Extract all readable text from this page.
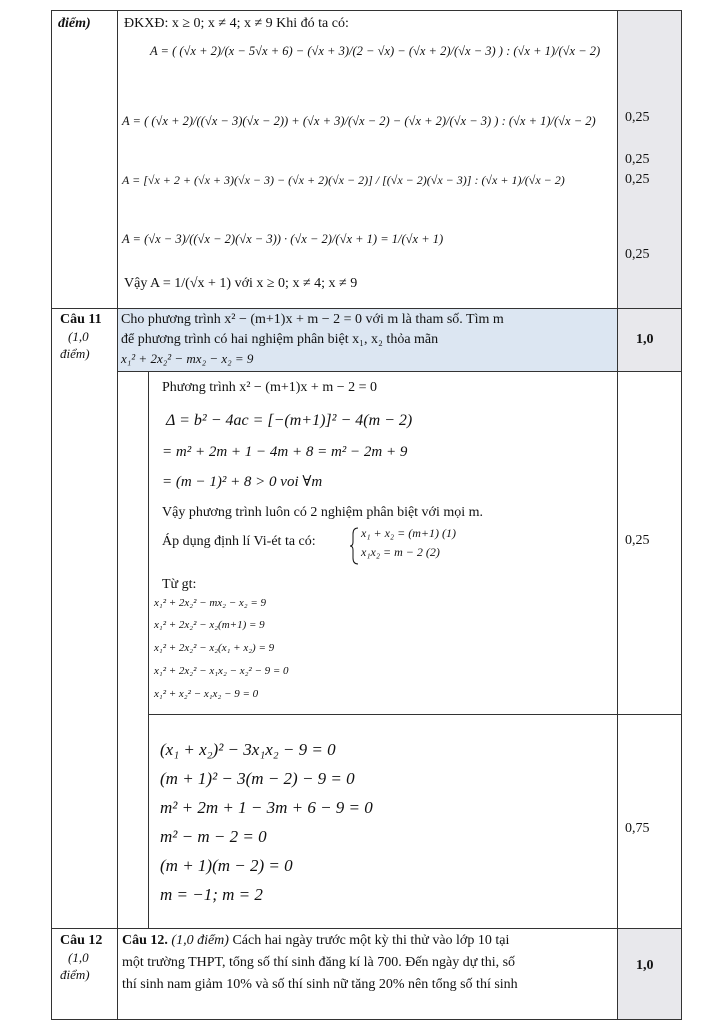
điểm)
Câu 11
(1,0
điểm)
Câu 12
(1,0
điểm)
ĐKXĐ: x ≥ 0; x ≠ 4; x ≠ 9 Khi đó ta có:
A = ( (√x + 2)/(x − 5√x + 6) − (√x + 3)/(2 − √x) − (√x + 2)/(√x − 3) ) : (√x + 1)/(√x − 2)
A = ( (√x + 2)/((√x − 3)(√x − 2)) + (√x + 3)/(√x − 2) − (√x + 2)/(√x − 3) ) : (√x + 1)/(√x − 2)
A = [√x + 2 + (√x + 3)(√x − 3) − (√x + 2)(√x − 2)] / [(√x − 2)(√x − 3)] : (√x + 1)/(√x − 2)
A = (√x − 3)/((√x − 2)(√x − 3)) · (√x − 2)/(√x + 1) = 1/(√x + 1)
Vậy A = 1/(√x + 1) với x ≥ 0; x ≠ 4; x ≠ 9
0,25
0,25
0,25
0,25
Cho phương trình x² − (m+1)x + m − 2 = 0 với m là tham số. Tìm m
để phương trình có hai nghiệm phân biệt x₁, x₂ thỏa mãn
x₁² + 2x₂² − mx₂ − x₂ = 9
1,0
Phương trình x² − (m+1)x + m − 2 = 0
Δ = b² − 4ac = [−(m+1)]² − 4(m − 2)
= m² + 2m + 1 − 4m + 8 = m² − 2m + 9
= (m − 1)² + 8 > 0 voi ∀m
Vậy phương trình luôn có 2 nghiệm phân biệt với mọi m.
Áp dụng định lí Vi-ét ta có:
x₁ + x₂ = (m+1) (1)
x₁x₂ = m − 2 (2)
Từ gt:
x₁² + 2x₂² − mx₂ − x₂ = 9
x₁² + 2x₂² − x₂(m+1) = 9
x₁² + 2x₂² − x₂(x₁ + x₂) = 9
x₁² + 2x₂² − x₁x₂ − x₂² − 9 = 0
x₁² + x₂² − x₁x₂ − 9 = 0
0,25
(x₁ + x₂)² − 3x₁x₂ − 9 = 0
(m + 1)² − 3(m − 2) − 9 = 0
m² + 2m + 1 − 3m + 6 − 9 = 0
m² − m − 2 = 0
(m + 1)(m − 2) = 0
m = −1; m = 2
0,75
Câu 12. (1,0 điểm) Cách hai ngày trước một kỳ thi thử vào lớp 10 tại
một trường THPT, tổng số thí sinh đăng kí là 700. Đến ngày dự thi, số
thí sinh nam giảm 10% và số thí sinh nữ tăng 20% nên tổng số thí sinh
1,0
